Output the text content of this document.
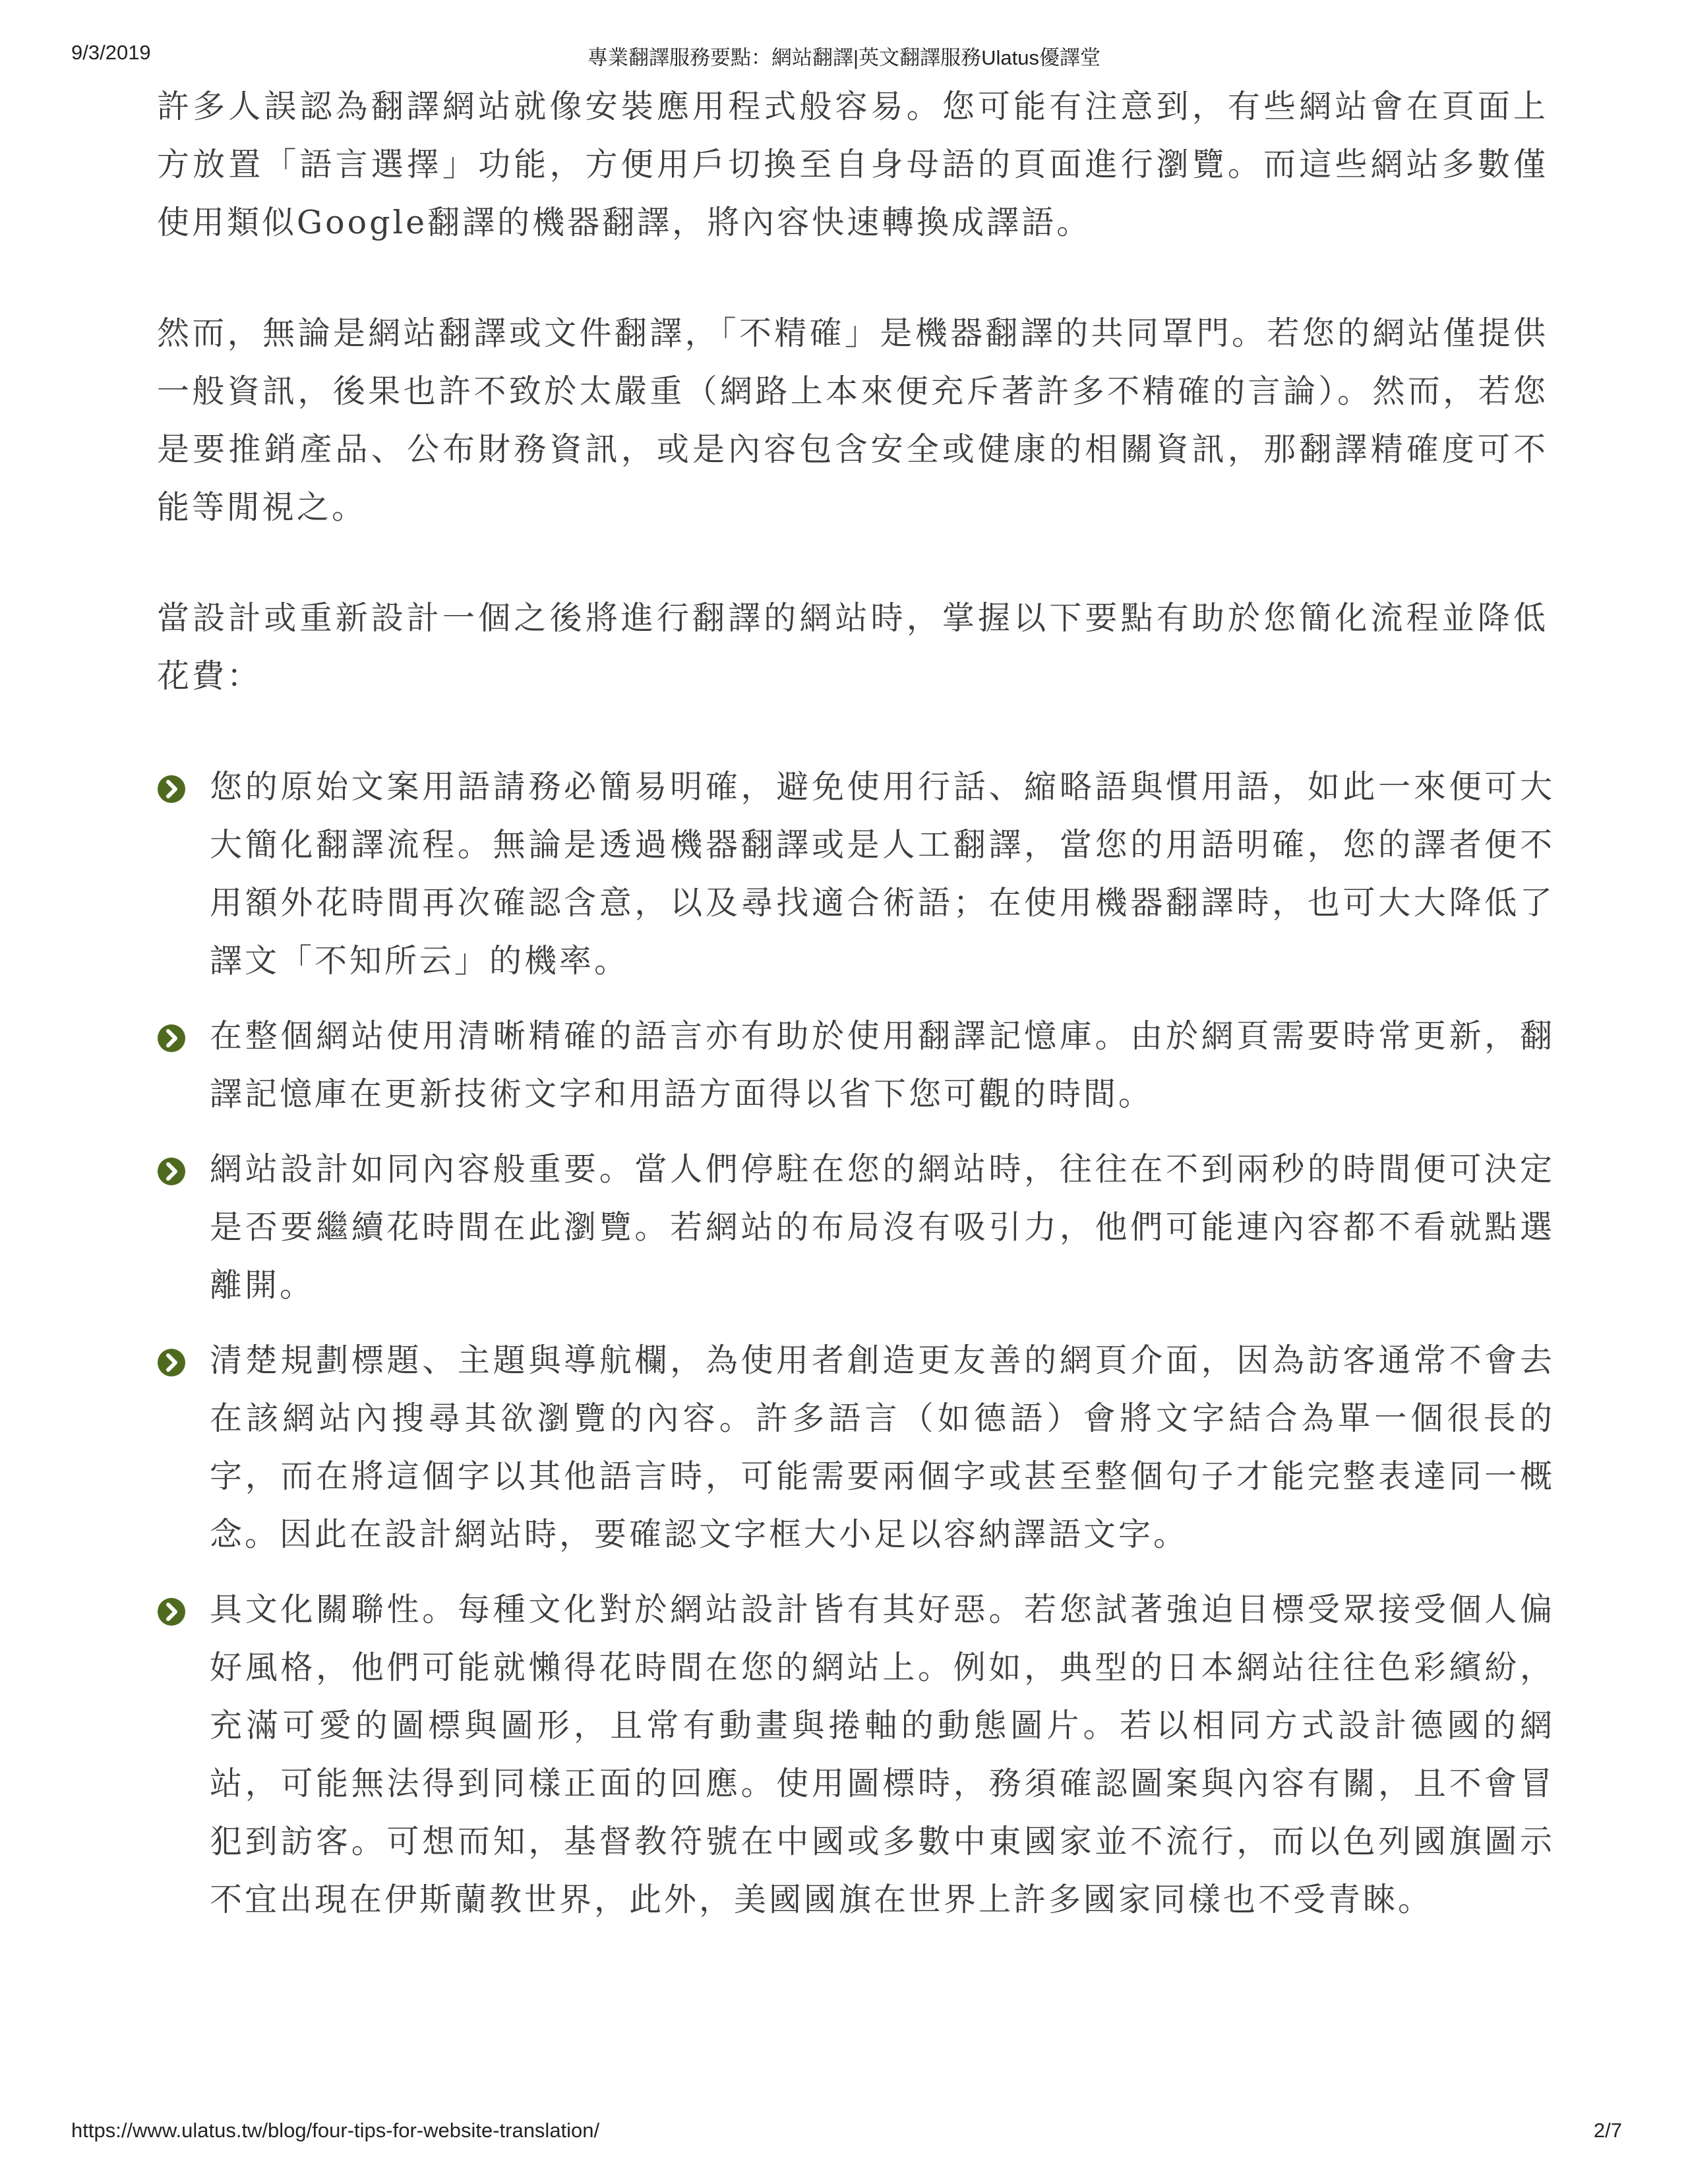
9/3/2019	專業翻譯服務要點：網站翻譯|英文翻譯服務Ulatus優譯堂

許多人誤認為翻譯網站就像安裝應用程式般容易。您可能有注意到，有些網站會在頁面上方放置「語言選擇」功能，方便用戶切換至自身母語的頁面進行瀏覽。而這些網站多數僅使用類似Google翻譯的機器翻譯，將內容快速轉換成譯語。

然而，無論是網站翻譯或文件翻譯，「不精確」是機器翻譯的共同罩門。若您的網站僅提供一般資訊，後果也許不致於太嚴重（網路上本來便充斥著許多不精確的言論）。然而，若您是要推銷產品、公布財務資訊，或是內容包含安全或健康的相關資訊，那翻譯精確度可不能等閒視之。

當設計或重新設計一個之後將進行翻譯的網站時，掌握以下要點有助於您簡化流程並降低花費：

您的原始文案用語請務必簡易明確，避免使用行話、縮略語與慣用語，如此一來便可大大簡化翻譯流程。無論是透過機器翻譯或是人工翻譯，當您的用語明確，您的譯者便不用額外花時間再次確認含意，以及尋找適合術語；在使用機器翻譯時，也可大大降低了譯文「不知所云」的機率。
在整個網站使用清晰精確的語言亦有助於使用翻譯記憶庫。由於網頁需要時常更新，翻譯記憶庫在更新技術文字和用語方面得以省下您可觀的時間。
網站設計如同內容般重要。當人們停駐在您的網站時，往往在不到兩秒的時間便可決定是否要繼續花時間在此瀏覽。若網站的布局沒有吸引力，他們可能連內容都不看就點選離開。
清楚規劃標題、主題與導航欄，為使用者創造更友善的網頁介面，因為訪客通常不會去在該網站內搜尋其欲瀏覽的內容。許多語言（如德語）會將文字結合為單一個很長的字，而在將這個字以其他語言時，可能需要兩個字或甚至整個句子才能完整表達同一概念。因此在設計網站時，要確認文字框大小足以容納譯語文字。
具文化關聯性。每種文化對於網站設計皆有其好惡。若您試著強迫目標受眾接受個人偏好風格，他們可能就懶得花時間在您的網站上。例如，典型的日本網站往往色彩繽紛，充滿可愛的圖標與圖形，且常有動畫與捲軸的動態圖片。若以相同方式設計德國的網站，可能無法得到同樣正面的回應。使用圖標時，務須確認圖案與內容有關，且不會冒犯到訪客。可想而知，基督教符號在中國或多數中東國家並不流行，而以色列國旗圖示不宜出現在伊斯蘭教世界，此外，美國國旗在世界上許多國家同樣也不受青睞。
https://www.ulatus.tw/blog/four-tips-for-website-translation/	2/7
